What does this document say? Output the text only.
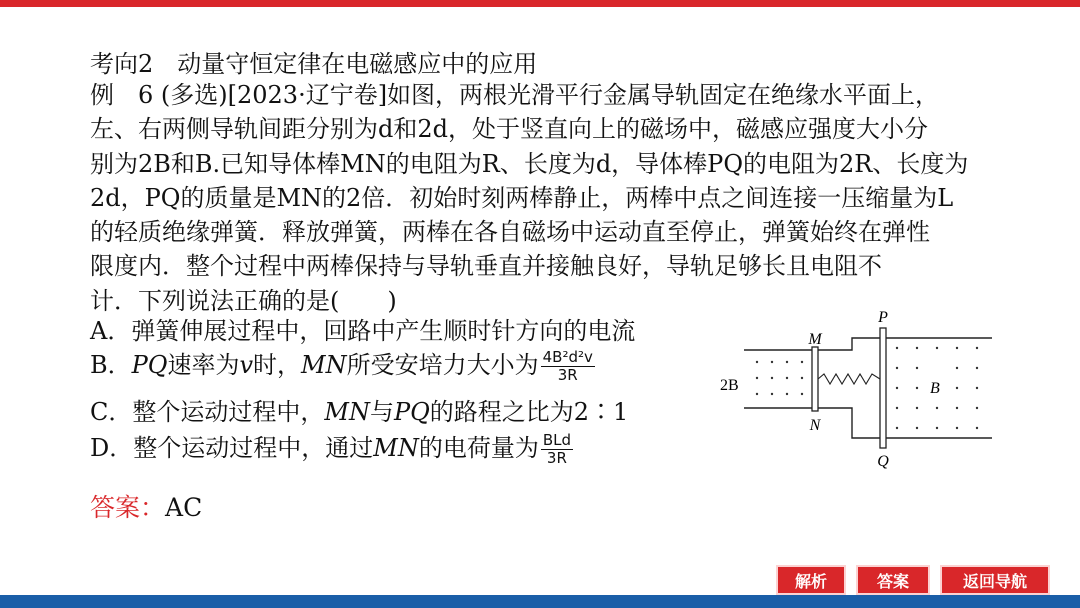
考向2　动量守恒定律在电磁感应中的应用
例　6 (多选)[2023·辽宁卷]如图，两根光滑平行金属导轨固定在绝缘水平面上，
左、右两侧导轨间距分别为d和2d，处于竖直向上的磁场中，磁感应强度大小分
别为2B和B.已知导体棒MN的电阻为R、长度为d，导体棒PQ的电阻为2R、长度为
2d，PQ的质量是MN的2倍．初始时刻两棒静止，两棒中点之间连接一压缩量为L
的轻质绝缘弹簧．释放弹簧，两棒在各自磁场中运动直至停止，弹簧始终在弹性
限度内．整个过程中两棒保持与导轨垂直并接触良好，导轨足够长且电阻不
计．下列说法正确的是(　　)
A．弹簧伸展过程中，回路中产生顺时针方向的电流
B．PQ速率为v时，MN所受安培力大小为 $\frac{\text{4B²d²v}}{3R}$
C．整个运动过程中，MN与PQ的路程之比为2∶1
D．整个运动过程中，通过MN的电荷量为 $\frac{\text{BLd}}{3R}$
答案：AC
M
N
P
Q
2B	B
解析	答案	返回导航
